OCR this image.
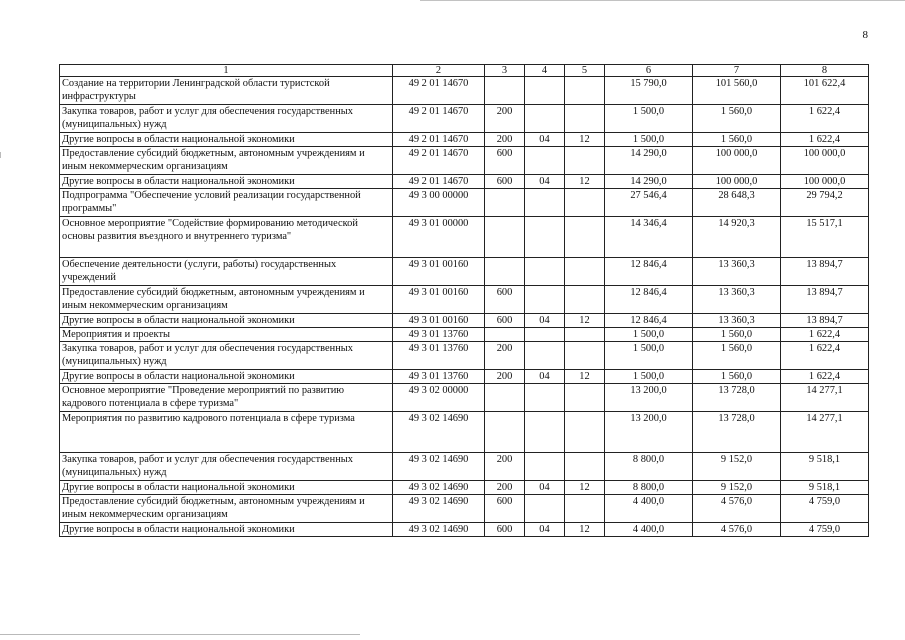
8
1	2	3	4	5	6	7	8
Создание на территории Ленинградской области туристской инфраструктуры	49 2 01 14670				15 790,0	101 560,0	101 622,4
Закупка товаров, работ и услуг для обеспечения государственных (муниципальных) нужд	49 2 01 14670	200			1 500,0	1 560,0	1 622,4
Другие вопросы в области национальной экономики	49 2 01 14670	200	04	12	1 500,0	1 560,0	1 622,4
Предоставление субсидий бюджетным, автономным учреждениям и иным некоммерческим организациям	49 2 01 14670	600			14 290,0	100 000,0	100 000,0
Другие вопросы в области национальной экономики	49 2 01 14670	600	04	12	14 290,0	100 000,0	100 000,0
Подпрограмма "Обеспечение условий реализации государственной программы"	49 3 00 00000				27 546,4	28 648,3	29 794,2
Основное мероприятие "Содействие формированию методической основы развития въездного и внутреннего туризма"	49 3 01 00000				14 346,4	14 920,3	15 517,1
Обеспечение деятельности (услуги, работы) государственных учреждений	49 3 01 00160				12 846,4	13 360,3	13 894,7
Предоставление субсидий бюджетным, автономным учреждениям и иным некоммерческим организациям	49 3 01 00160	600			12 846,4	13 360,3	13 894,7
Другие вопросы в области национальной экономики	49 3 01 00160	600	04	12	12 846,4	13 360,3	13 894,7
Мероприятия и проекты	49 3 01 13760				1 500,0	1 560,0	1 622,4
Закупка товаров, работ и услуг для обеспечения государственных (муниципальных) нужд	49 3 01 13760	200			1 500,0	1 560,0	1 622,4
Другие вопросы в области национальной экономики	49 3 01 13760	200	04	12	1 500,0	1 560,0	1 622,4
Основное мероприятие "Проведение мероприятий по развитию кадрового потенциала в сфере туризма"	49 3 02 00000				13 200,0	13 728,0	14 277,1
Мероприятия по развитию кадрового потенциала в сфере туризма	49 3 02 14690				13 200,0	13 728,0	14 277,1
Закупка товаров, работ и услуг для обеспечения государственных (муниципальных) нужд	49 3 02 14690	200			8 800,0	9 152,0	9 518,1
Другие вопросы в области национальной экономики	49 3 02 14690	200	04	12	8 800,0	9 152,0	9 518,1
Предоставление субсидий бюджетным, автономным учреждениям и иным некоммерческим организациям	49 3 02 14690	600			4 400,0	4 576,0	4 759,0
Другие вопросы в области национальной экономики	49 3 02 14690	600	04	12	4 400,0	4 576,0	4 759,0
